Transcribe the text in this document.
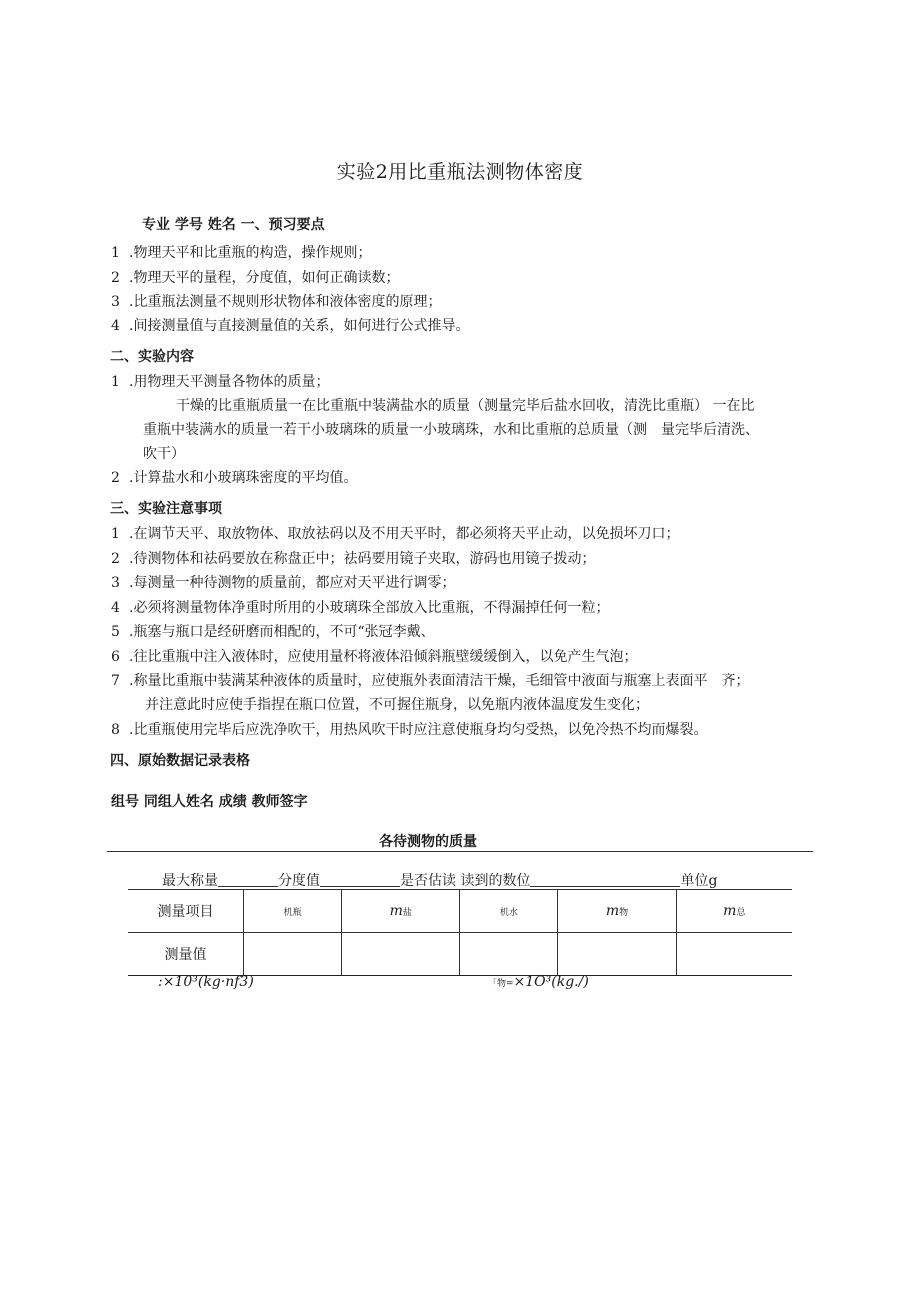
实验2用比重瓶法测物体密度
专业 学号 姓名 一、预习要点
1 .物理天平和比重瓶的构造，操作规则；
2 .物理天平的量程，分度值，如何正确读数；
3 .比重瓶法测量不规则形状物体和液体密度的原理；
4 .间接测量值与直接测量值的关系，如何进行公式推导。
二、实验内容
1 .用物理天平测量各物体的质量；
干燥的比重瓶质量一在比重瓶中装满盐水的质量（测量完毕后盐水回收，清洗比重瓶） 一在比
重瓶中装满水的质量一若干小玻璃珠的质量一小玻璃珠，水和比重瓶的总质量（测　量完毕后清洗、
吹干）
2 .计算盐水和小玻璃珠密度的平均值。
三、实验注意事项
1 .在调节天平、取放物体、取放祛码以及不用天平时，都必须将天平止动，以免损坏刀口；
2 .待测物体和祛码要放在称盘正中；祛码要用镜子夹取，游码也用镜子拨动；
3 .每测量一种待测物的质量前，都应对天平进行调零；
4 .必须将测量物体净重时所用的小玻璃珠全部放入比重瓶，不得漏掉任何一粒；
5 .瓶塞与瓶口是经研磨而相配的，不可“张冠李戴、
6 .往比重瓶中注入液体时，应使用量杯将液体沿倾斜瓶壁缓缓倒入，以免产生气泡；
7 .称量比重瓶中装满某种液体的质量时，应使瓶外表面清洁干燥，毛细管中液面与瓶塞上表面平　齐；
并注意此时应使手指捏在瓶口位置，不可握住瓶身，以免瓶内液体温度发生变化；
8 .比重瓶使用完毕后应洗净吹干，用热风吹干时应注意使瓶身均匀受热，以免冷热不均而爆裂。
四、原始数据记录表格
组号 同组人姓名 成绩 教师签字
各待测物的质量
最大称量	分度值	是否估读 读到的数位	单位g
测量项目	机瓶	m盐	机水	m物	m总
测量值					
:×10³(kg·nf3)	「物=×1O³(kg./)
